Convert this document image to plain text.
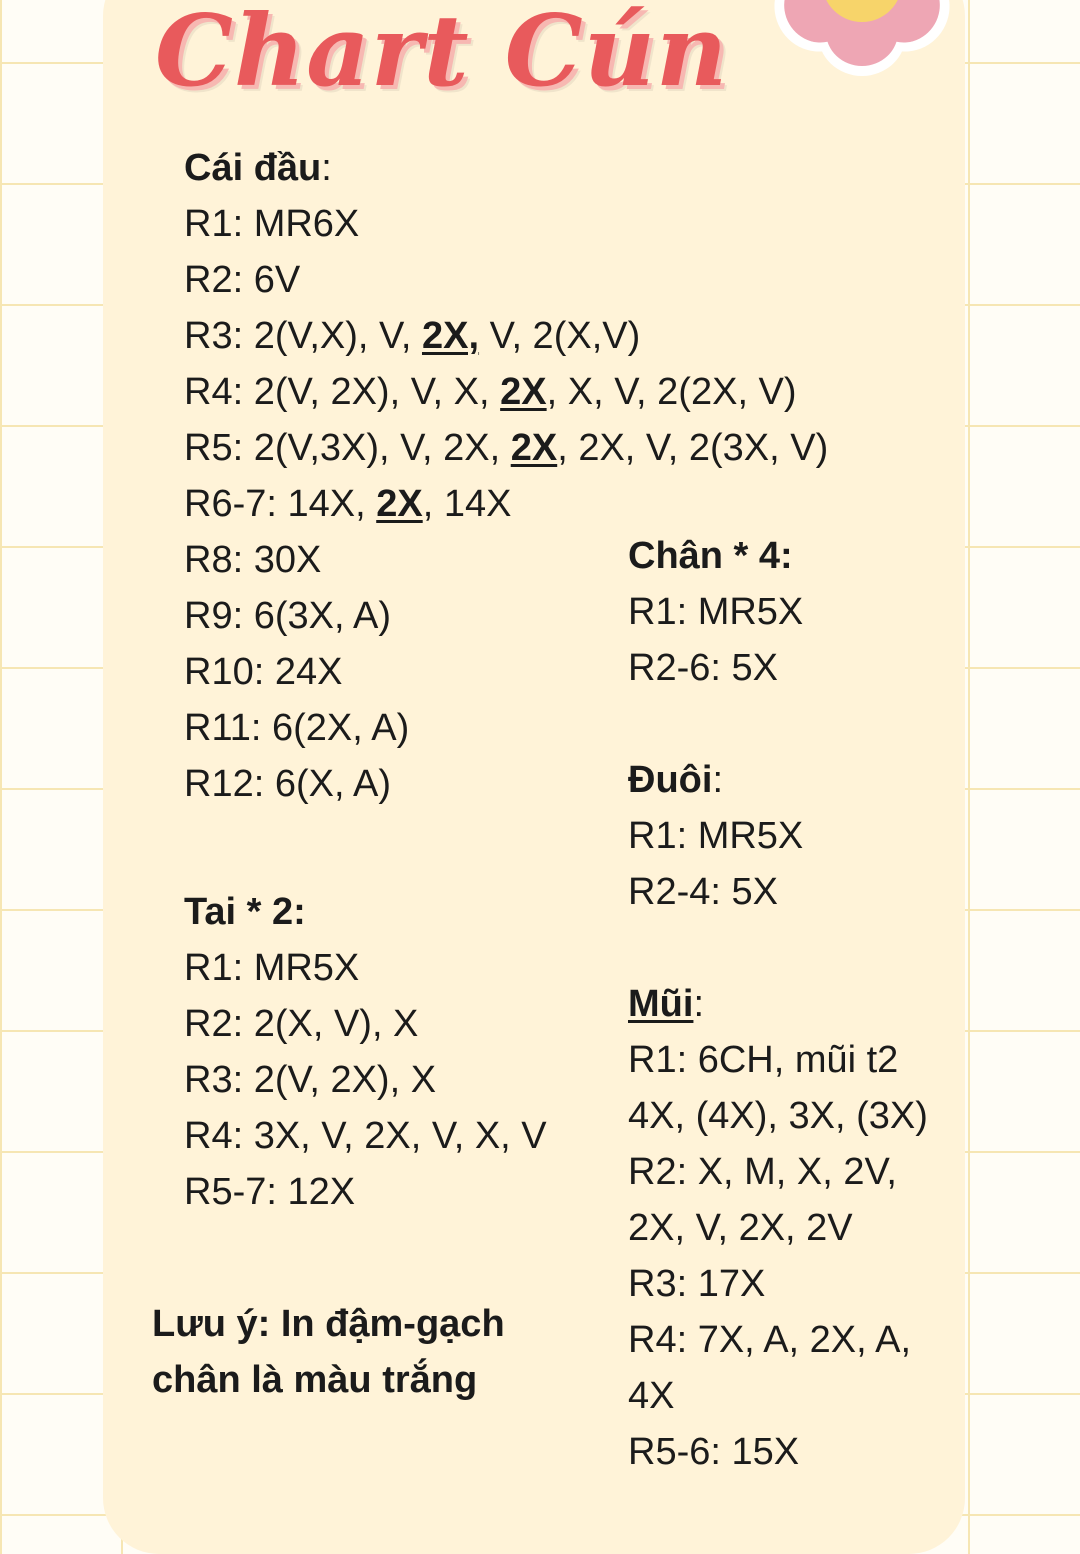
Chart Cún
Cái đầu:
R1: MR6X
R2: 6V
R3: 2(V,X), V, 2X, V, 2(X,V)
R4: 2(V, 2X), V, X, 2X, X, V, 2(2X, V)
R5: 2(V,3X), V, 2X, 2X, 2X, V, 2(3X, V)
R6-7: 14X, 2X, 14X
R8: 30X
R9: 6(3X, A)
R10: 24X
R11: 6(2X, A)
R12: 6(X, A)
Chân * 4:
R1: MR5X
R2-6: 5X
Đuôi:
R1: MR5X
R2-4: 5X
Tai * 2:
R1: MR5X
R2: 2(X, V), X
R3: 2(V, 2X), X
R4: 3X, V, 2X, V, X, V
R5-7: 12X
Mũi:
R1: 6CH, mũi t2
4X, (4X), 3X, (3X)
R2: X, M, X, 2V,
2X, V, 2X, 2V
R3: 17X
R4: 7X, A, 2X, A,
4X
R5-6: 15X
Lưu ý: In đậm-gạch
chân là màu trắng
